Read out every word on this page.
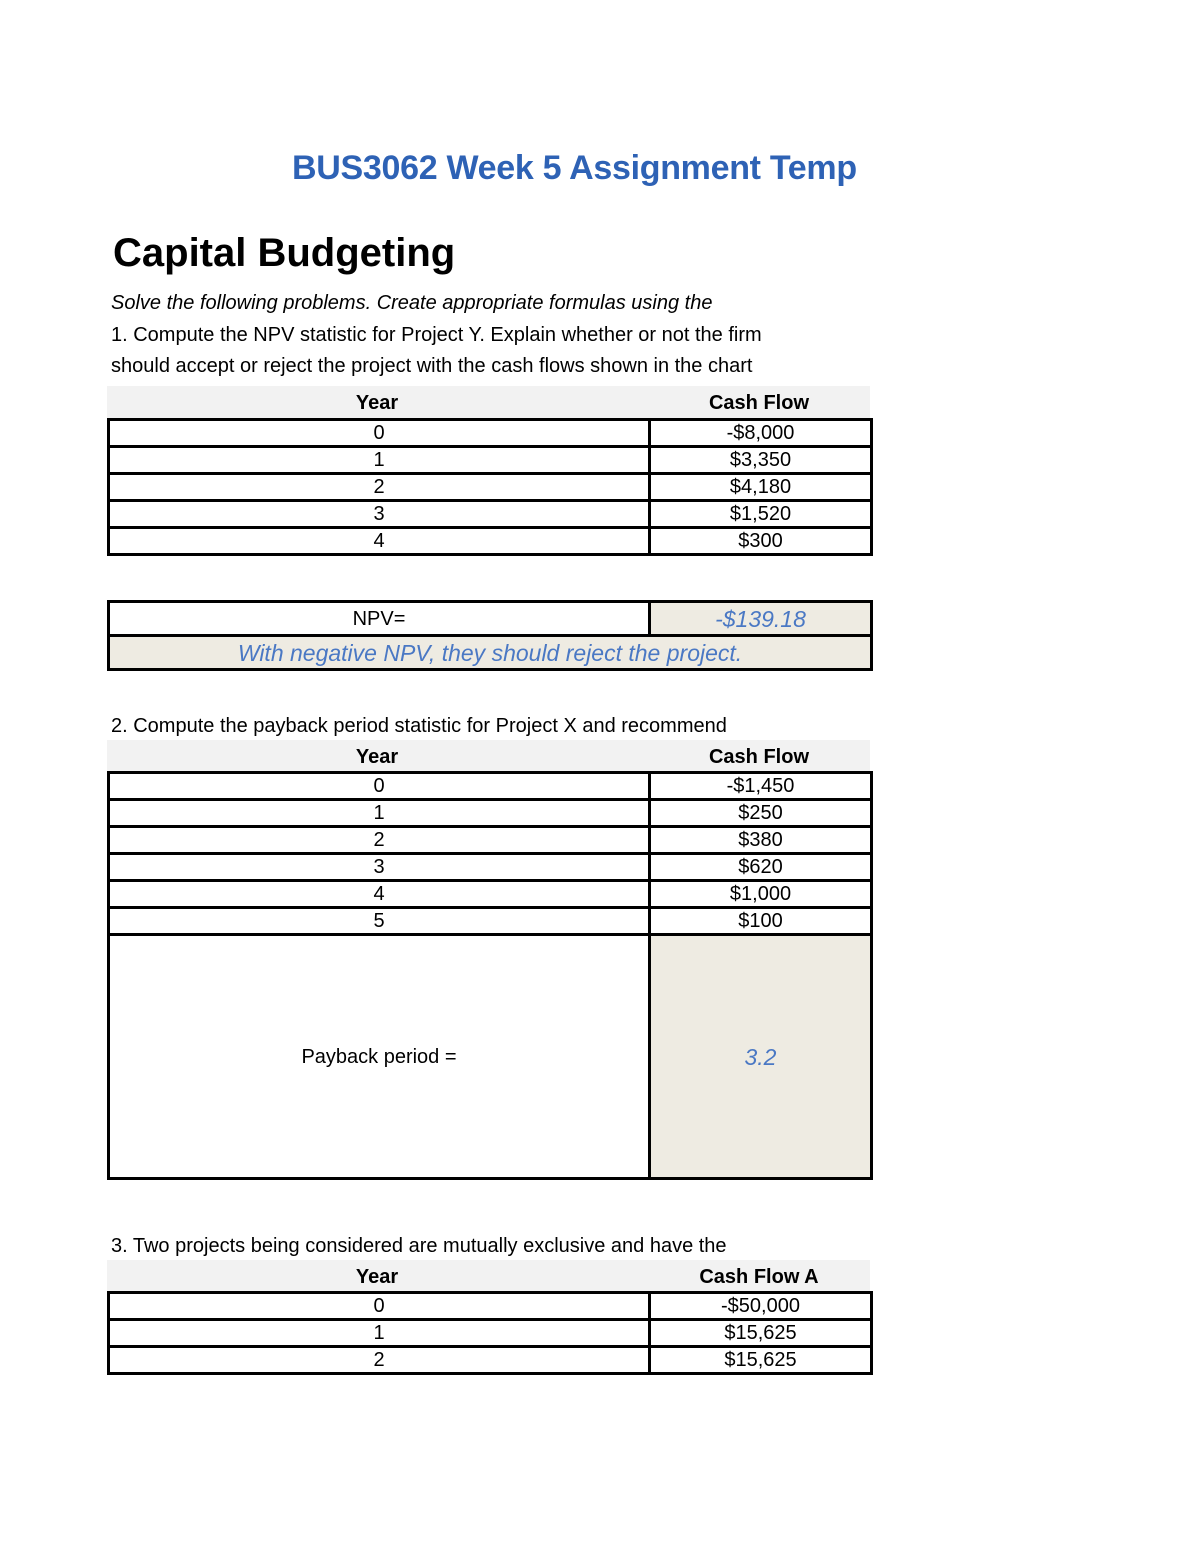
BUS3062 Week 5 Assignment Temp
Capital Budgeting
Solve the following problems. Create appropriate formulas using the
1. Compute the NPV statistic for Project Y. Explain whether or not the firm
should accept or reject the project with the cash flows shown in the chart
Year	Cash Flow
0	-$8,000
1	$3,350
2	$4,180
3	$1,520
4	$300
NPV=	-$139.18
With negative NPV, they should reject the project.
2. Compute the payback period statistic for Project X and recommend
Year	Cash Flow
0	-$1,450
1	$250
2	$380
3	$620
4	$1,000
5	$100
Payback period =	3.2
3. Two projects being considered are mutually exclusive and have the
Year	Cash Flow A
0	-$50,000
1	$15,625
2	$15,625
